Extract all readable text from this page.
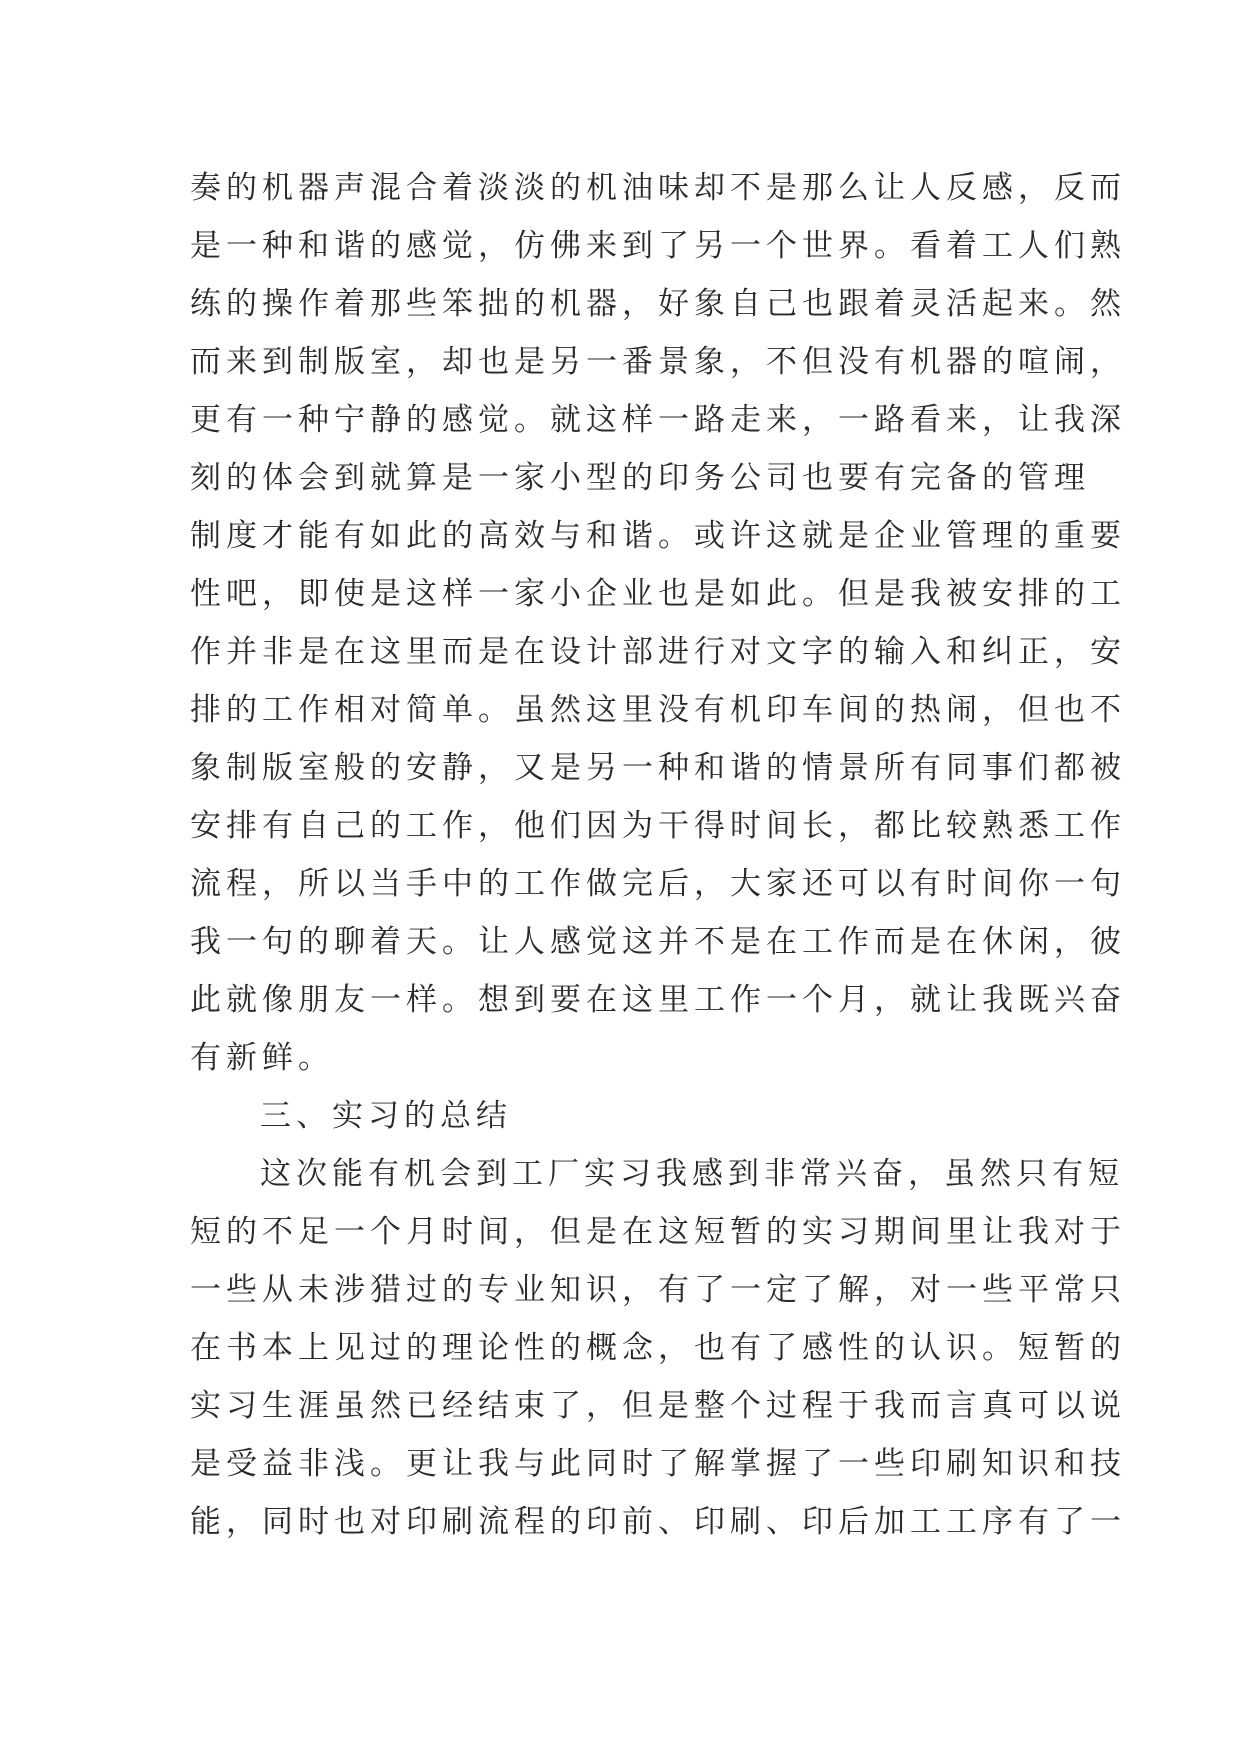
奏的机器声混合着淡淡的机油味却不是那么让人反感，反而
是一种和谐的感觉，仿佛来到了另一个世界。看着工人们熟
练的操作着那些笨拙的机器，好象自己也跟着灵活起来。然
而来到制版室，却也是另一番景象，不但没有机器的喧闹，
更有一种宁静的感觉。就这样一路走来，一路看来，让我深
刻的体会到就算是一家小型的印务公司也要有完备的管理
制度才能有如此的高效与和谐。或许这就是企业管理的重要
性吧，即使是这样一家小企业也是如此。但是我被安排的工
作并非是在这里而是在设计部进行对文字的输入和纠正，安
排的工作相对简单。虽然这里没有机印车间的热闹，但也不
象制版室般的安静，又是另一种和谐的情景所有同事们都被
安排有自己的工作，他们因为干得时间长，都比较熟悉工作
流程，所以当手中的工作做完后，大家还可以有时间你一句
我一句的聊着天。让人感觉这并不是在工作而是在休闲，彼
此就像朋友一样。想到要在这里工作一个月，就让我既兴奋
有新鲜。
三、实习的总结
这次能有机会到工厂实习我感到非常兴奋，虽然只有短
短的不足一个月时间，但是在这短暂的实习期间里让我对于
一些从未涉猎过的专业知识，有了一定了解，对一些平常只
在书本上见过的理论性的概念，也有了感性的认识。短暂的
实习生涯虽然已经结束了，但是整个过程于我而言真可以说
是受益非浅。更让我与此同时了解掌握了一些印刷知识和技
能，同时也对印刷流程的印前、印刷、印后加工工序有了一
